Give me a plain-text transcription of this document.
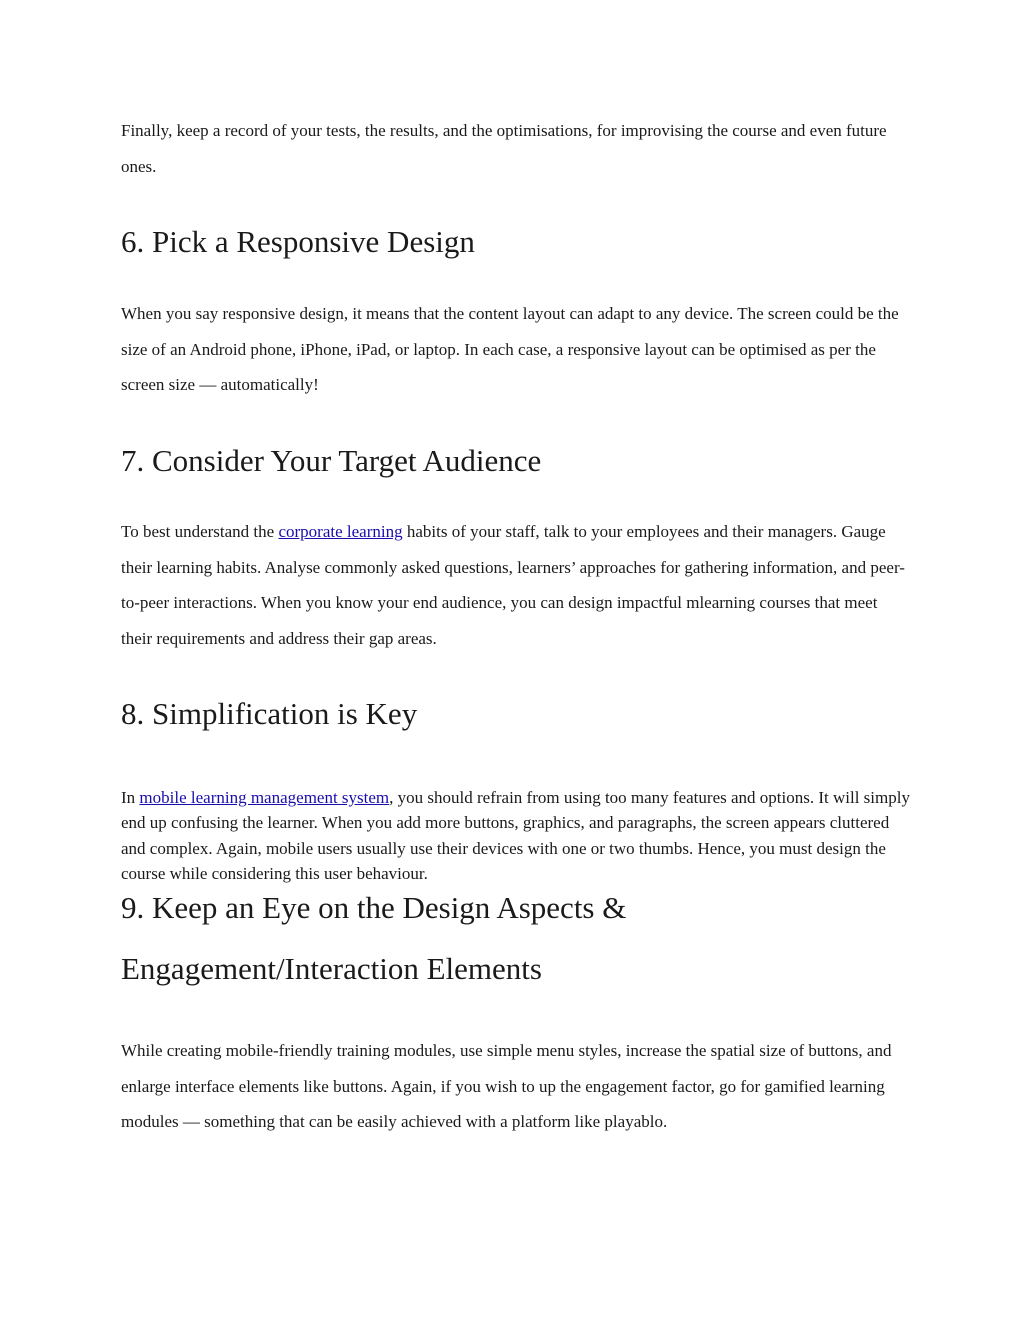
Finally, keep a record of your tests, the results, and the optimisations, for improvising the course and even future ones.

6. Pick a Responsive Design

When you say responsive design, it means that the content layout can adapt to any device. The screen could be the size of an Android phone, iPhone, iPad, or laptop. In each case, a responsive layout can be optimised as per the screen size — automatically!

7. Consider Your Target Audience

To best understand the corporate learning habits of your staff, talk to your employees and their managers. Gauge their learning habits. Analyse commonly asked questions, learners’ approaches for gathering information, and peer-to-peer interactions. When you know your end audience, you can design impactful mlearning courses that meet their requirements and address their gap areas.

8. Simplification is Key

In mobile learning management system, you should refrain from using too many features and options. It will simply end up confusing the learner. When you add more buttons, graphics, and paragraphs, the screen appears cluttered and complex. Again, mobile users usually use their devices with one or two thumbs. Hence, you must design the course while considering this user behaviour.

9. Keep an Eye on the Design Aspects &
Engagement/Interaction Elements

While creating mobile-friendly training modules, use simple menu styles, increase the spatial size of buttons, and enlarge interface elements like buttons. Again, if you wish to up the engagement factor, go for gamified learning modules — something that can be easily achieved with a platform like playablo.
